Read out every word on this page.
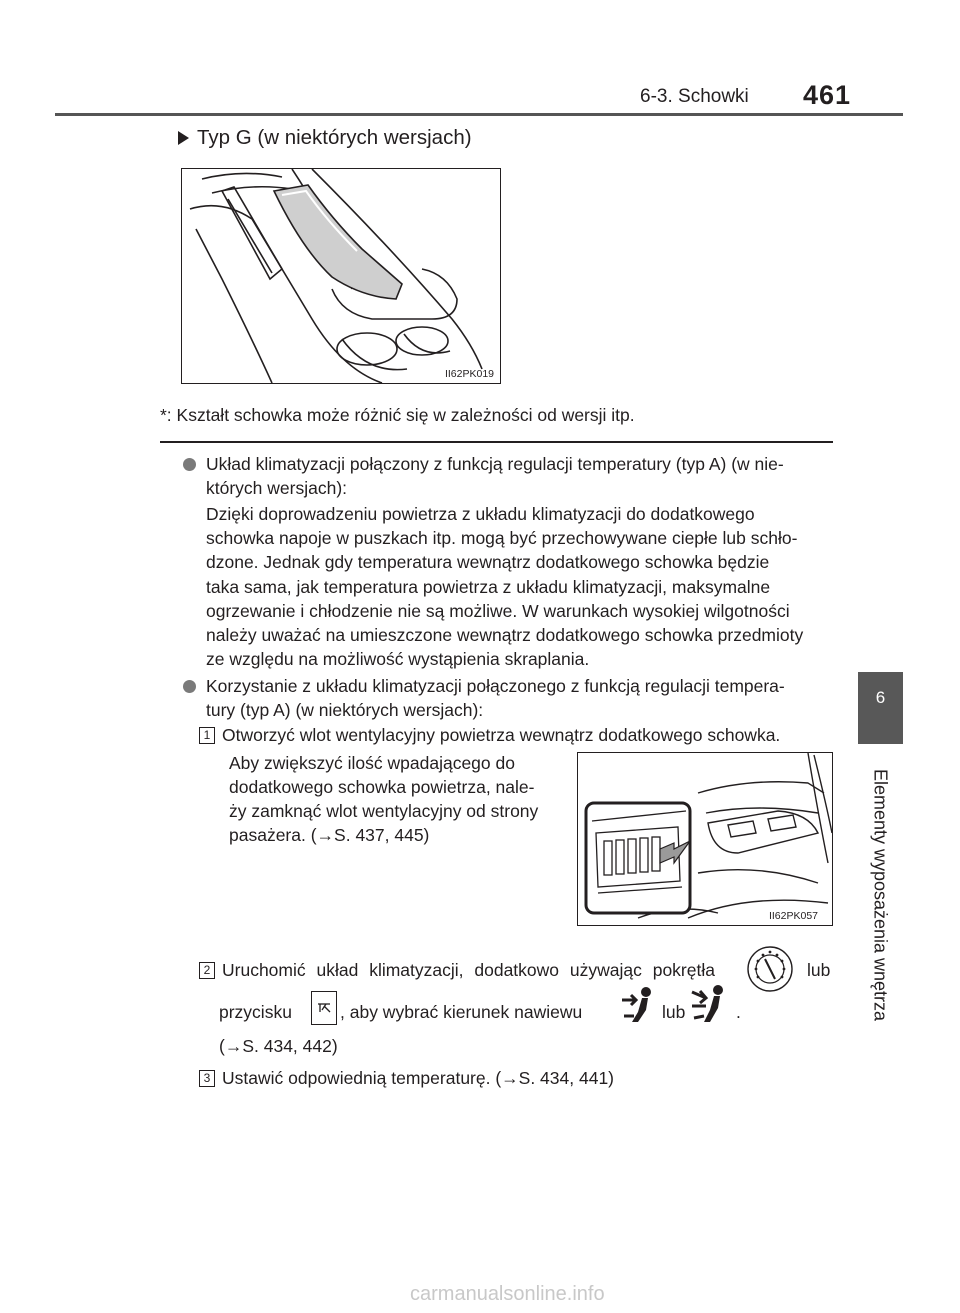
6-3. Schowki 461
Typ G (w niektórych wersjach)
II62PK019
*: Kształt schowka może różnić się w zależności od wersji itp.
Układ klimatyzacji połączony z funkcją regulacji temperatury (typ A) (w nie-
których wersjach):
Dzięki doprowadzeniu powietrza z układu klimatyzacji do dodatkowego
schowka napoje w puszkach itp. mogą być przechowywane ciepłe lub schło-
dzone. Jednak gdy temperatura wewnątrz dodatkowego schowka będzie
taka sama, jak temperatura powietrza z układu klimatyzacji, maksymalne
ogrzewanie i chłodzenie nie są możliwe. W warunkach wysokiej wilgotności
należy uważać na umieszczone wewnątrz dodatkowego schowka przedmioty
ze względu na możliwość wystąpienia skraplania.
Korzystanie z układu klimatyzacji połączonego z funkcją regulacji tempera-
tury (typ A) (w niektórych wersjach):
1 Otworzyć wlot wentylacyjny powietrza wewnątrz dodatkowego schowka.
Aby zwiększyć ilość wpadającego do
dodatkowego schowka powietrza, nale-
ży zamknąć wlot wentylacyjny od strony
pasażera. (→S. 437, 445)
II62PK057
2 Uruchomić układ klimatyzacji, dodatkowo używając pokrętła	lub
przycisku	, aby wybrać kierunek nawiewu	lub	.
(→S. 434, 442)
3 Ustawić odpowiednią temperaturę. (→S. 434, 441)
6
Elementy wyposażenia wnętrza
carmanualsonline.info
